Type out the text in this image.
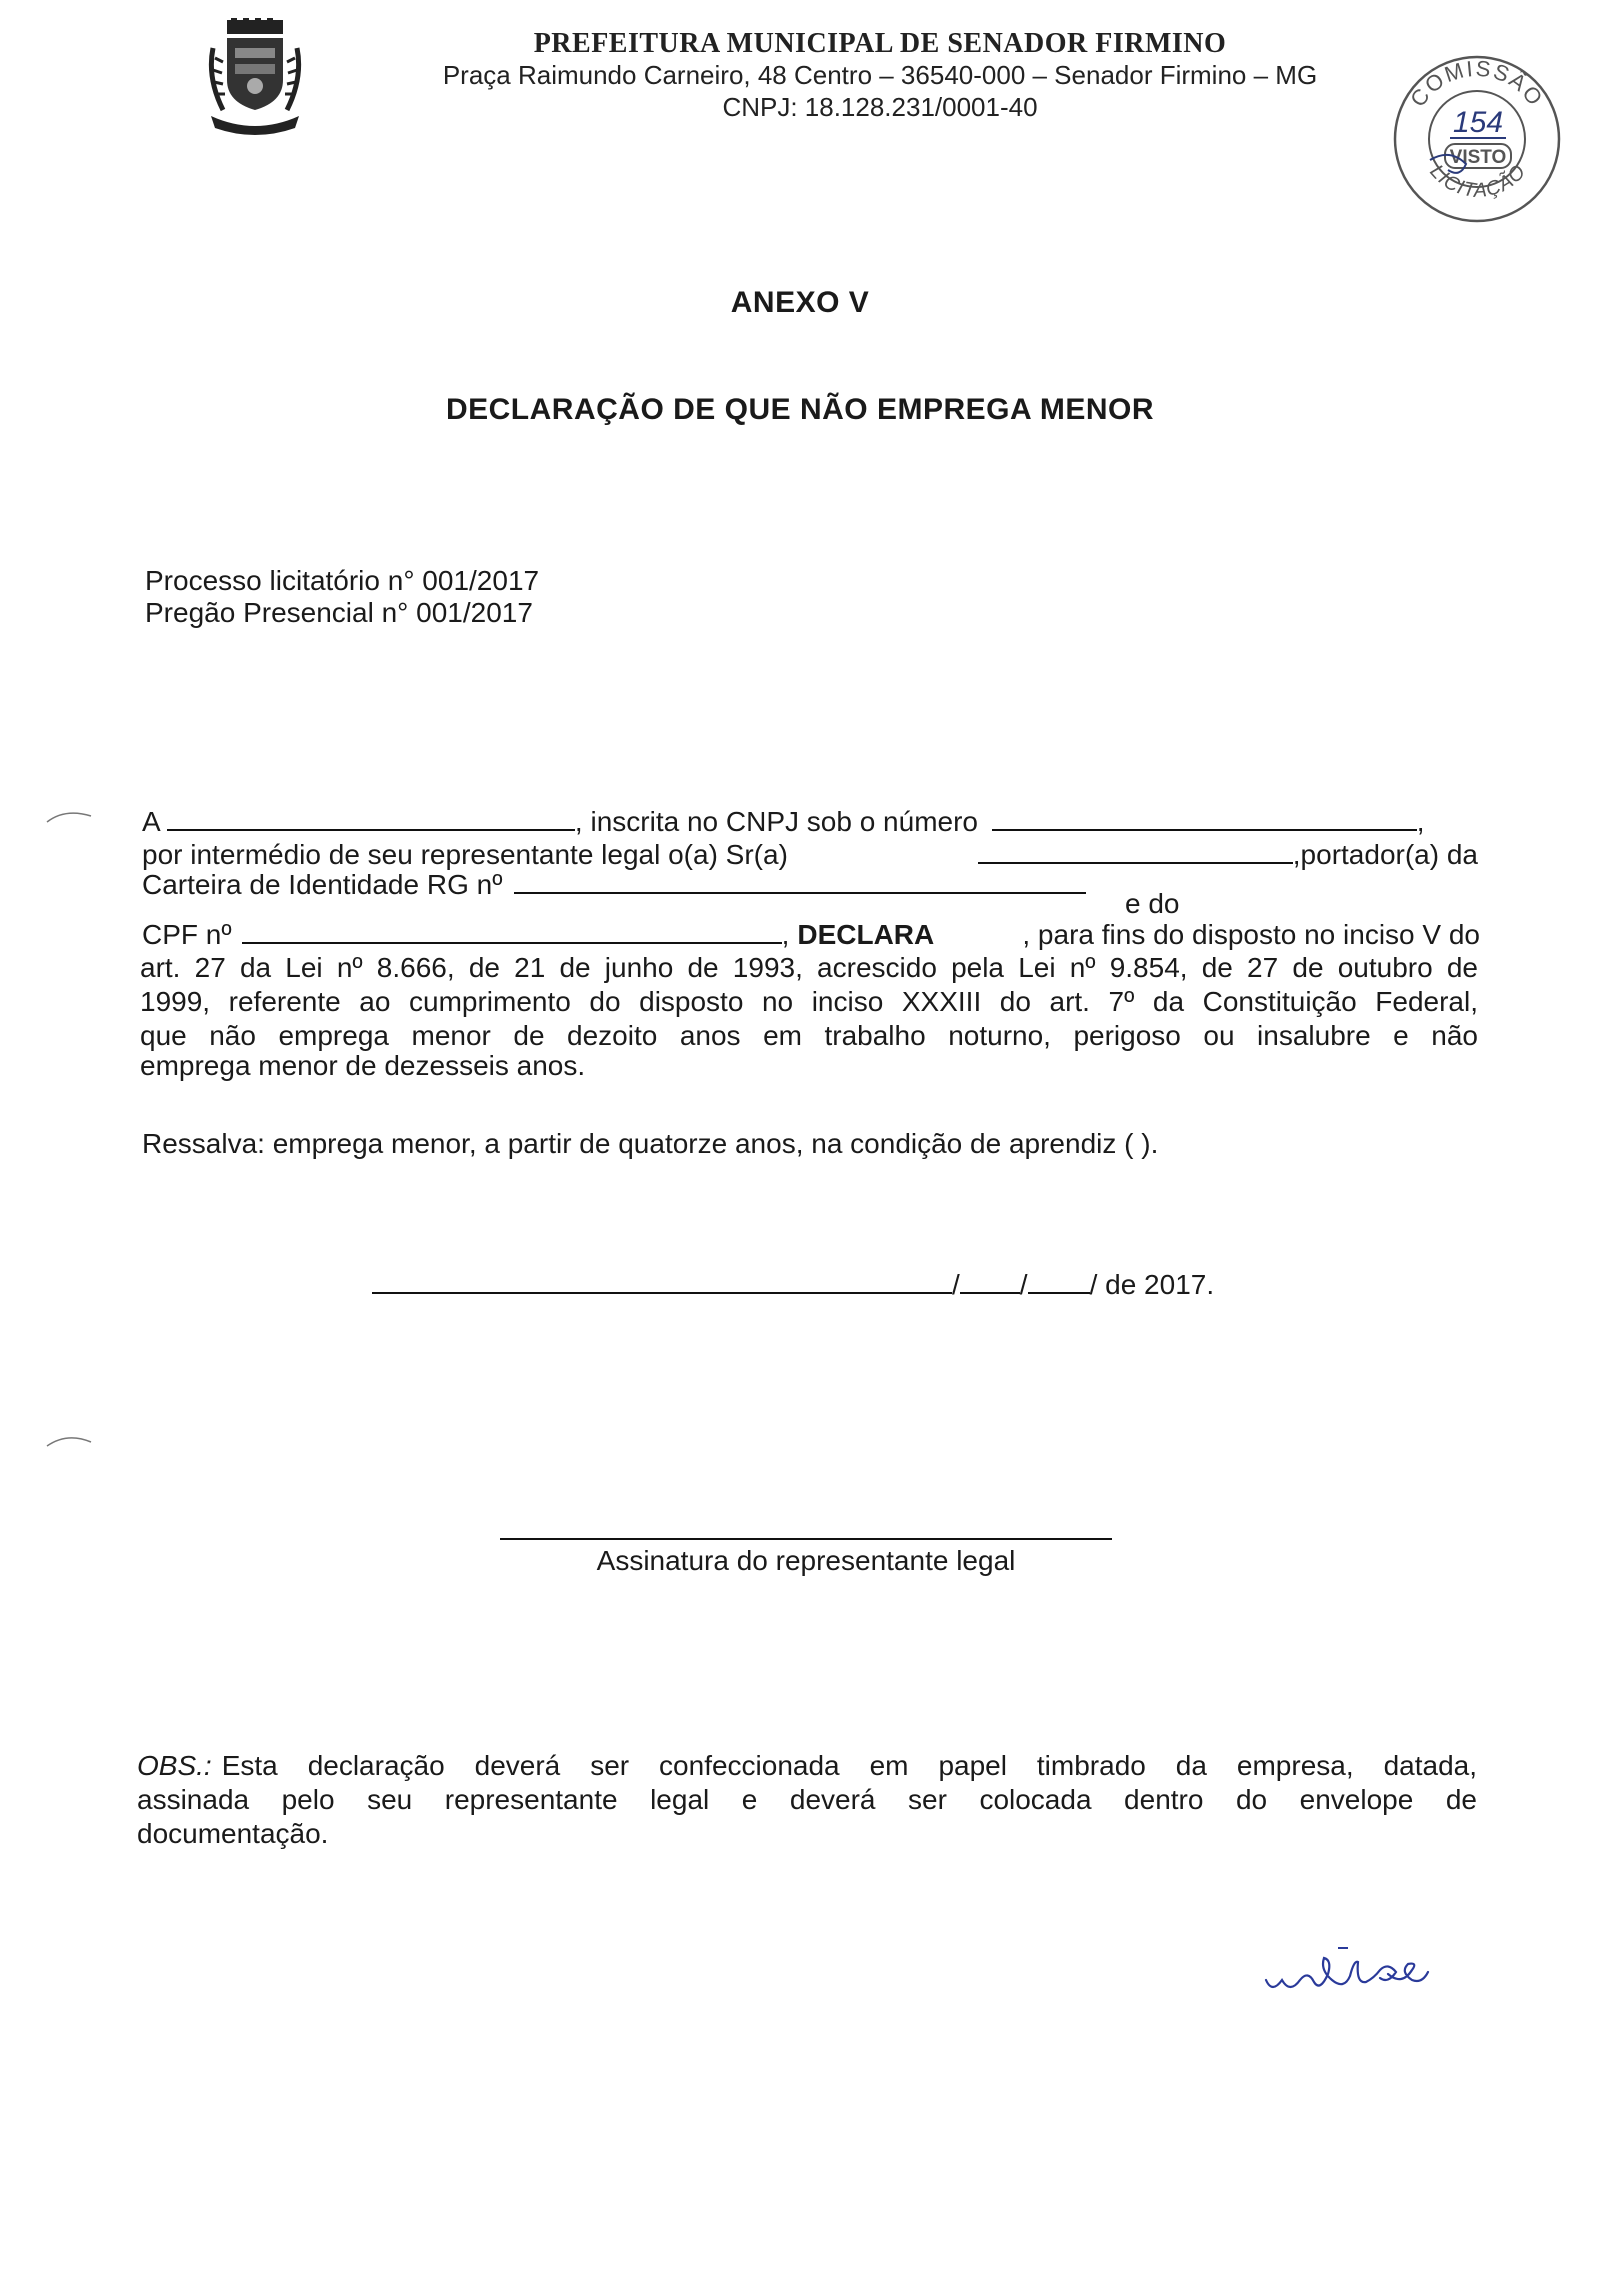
PREFEITURA MUNICIPAL DE SENADOR FIRMINO
Praça Raimundo Carneiro, 48 Centro – 36540-000 – Senador Firmino – MG
CNPJ: 18.128.231/0001-40	COMISSÃO
LICITAÇÃO
154
VISTO
ANEXO V
DECLARAÇÃO DE QUE NÃO EMPREGA MENOR
Processo licitatório n° 001/2017
Pregão Presencial n° 001/2017
A	, inscrita no CNPJ sob o número	,
por intermédio de seu representante legal o(a) Sr(a)	,portador(a) da
Carteira de Identidade RG nº
e do
CPF nº	, DECLARA	, para fins do disposto no inciso V do
art. 27 da Lei nº 8.666, de 21 de junho de 1993, acrescido pela Lei nº 9.854, de 27 de outubro de
1999, referente ao cumprimento do disposto no inciso XXXIII do art. 7º da Constituição Federal,
que não emprega menor de dezoito anos em trabalho noturno, perigoso ou insalubre e não
emprega menor de dezesseis anos.
Ressalva: emprega menor, a partir de quatorze anos, na condição de aprendiz ( ).
/ / / de 2017.
Assinatura do representante legal
OBS.: Esta declaração deverá ser confeccionada em papel timbrado da empresa, datada,
assinada pelo seu representante legal e deverá ser colocada dentro do envelope de
documentação.
